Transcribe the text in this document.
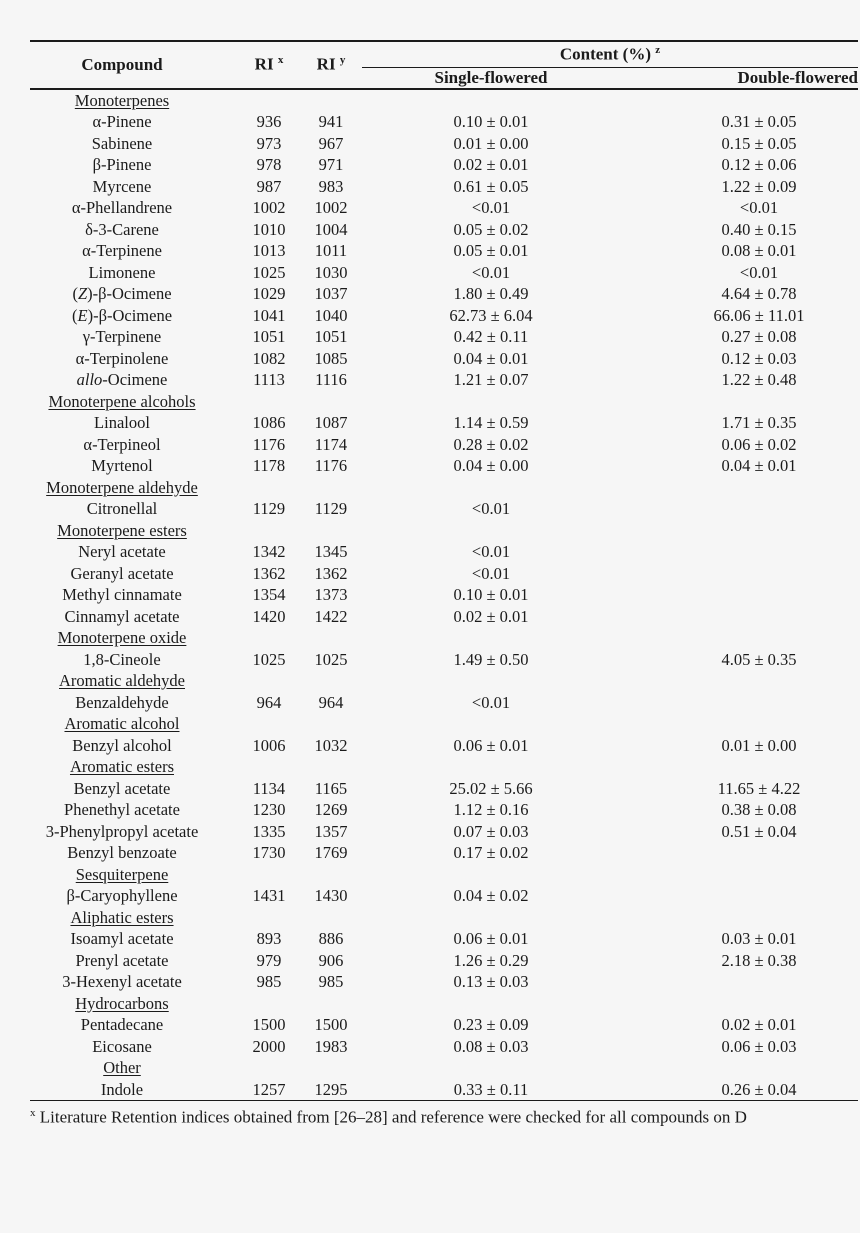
Compound	RI $^x$	RI $^y$	Content (%) $^z$
			Single-flowered	Double-flowered
Monoterpenes				
α-Pinene	936	941	0.10 ± 0.01	0.31 ± 0.05
Sabinene	973	967	0.01 ± 0.00	0.15 ± 0.05
β-Pinene	978	971	0.02 ± 0.01	0.12 ± 0.06
Myrcene	987	983	0.61 ± 0.05	1.22 ± 0.09
α-Phellandrene	1002	1002	<0.01	<0.01
δ-3-Carene	1010	1004	0.05 ± 0.02	0.40 ± 0.15
α-Terpinene	1013	1011	0.05 ± 0.01	0.08 ± 0.01
Limonene	1025	1030	<0.01	<0.01
(Z)-β-Ocimene	1029	1037	1.80 ± 0.49	4.64 ± 0.78
(E)-β-Ocimene	1041	1040	62.73 ± 6.04	66.06 ± 11.01
γ-Terpinene	1051	1051	0.42 ± 0.11	0.27 ± 0.08
α-Terpinolene	1082	1085	0.04 ± 0.01	0.12 ± 0.03
allo-Ocimene	1113	1116	1.21 ± 0.07	1.22 ± 0.48
Monoterpene alcohols				
Linalool	1086	1087	1.14 ± 0.59	1.71 ± 0.35
α-Terpineol	1176	1174	0.28 ± 0.02	0.06 ± 0.02
Myrtenol	1178	1176	0.04 ± 0.00	0.04 ± 0.01
Monoterpene aldehyde				
Citronellal	1129	1129	<0.01	
Monoterpene esters				
Neryl acetate	1342	1345	<0.01	
Geranyl acetate	1362	1362	<0.01	
Methyl cinnamate	1354	1373	0.10 ± 0.01	
Cinnamyl acetate	1420	1422	0.02 ± 0.01	
Monoterpene oxide				
1,8-Cineole	1025	1025	1.49 ± 0.50	4.05 ± 0.35
Aromatic aldehyde				
Benzaldehyde	964	964	<0.01	
Aromatic alcohol				
Benzyl alcohol	1006	1032	0.06 ± 0.01	0.01 ± 0.00
Aromatic esters				
Benzyl acetate	1134	1165	25.02 ± 5.66	11.65 ± 4.22
Phenethyl acetate	1230	1269	1.12 ± 0.16	0.38 ± 0.08
3-Phenylpropyl acetate	1335	1357	0.07 ± 0.03	0.51 ± 0.04
Benzyl benzoate	1730	1769	0.17 ± 0.02	
Sesquiterpene				
β-Caryophyllene	1431	1430	0.04 ± 0.02	
Aliphatic esters				
Isoamyl acetate	893	886	0.06 ± 0.01	0.03 ± 0.01
Prenyl acetate	979	906	1.26 ± 0.29	2.18 ± 0.38
3-Hexenyl acetate	985	985	0.13 ± 0.03	
Hydrocarbons				
Pentadecane	1500	1500	0.23 ± 0.09	0.02 ± 0.01
Eicosane	2000	1983	0.08 ± 0.03	0.06 ± 0.03
Other				
Indole	1257	1295	0.33 ± 0.11	0.26 ± 0.04
$^x$ Literature Retention indices obtained from [26–28] and reference were checked for all compounds on D
